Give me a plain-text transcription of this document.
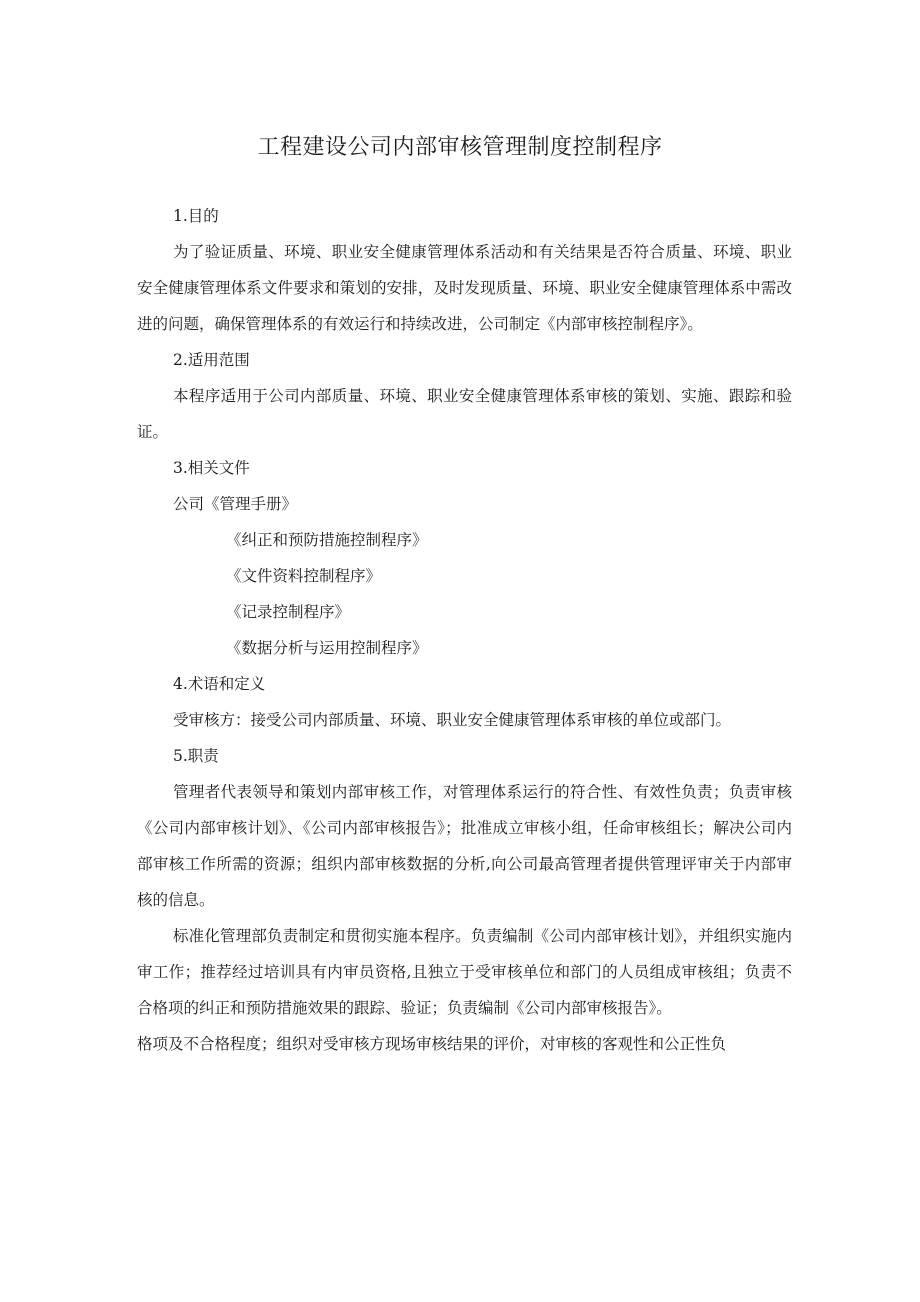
工程建设公司内部审核管理制度控制程序

1.目的

为了验证质量、环境、职业安全健康管理体系活动和有关结果是否符合质量、环境、职业安全健康管理体系文件要求和策划的安排，及时发现质量、环境、职业安全健康管理体系中需改进的问题，确保管理体系的有效运行和持续改进，公司制定《内部审核控制程序》。

2.适用范围

本程序适用于公司内部质量、环境、职业安全健康管理体系审核的策划、实施、跟踪和验证。

3.相关文件

公司《管理手册》

《纠正和预防措施控制程序》

《文件资料控制程序》

《记录控制程序》

《数据分析与运用控制程序》

4.术语和定义

受审核方：接受公司内部质量、环境、职业安全健康管理体系审核的单位或部门。

5.职责

管理者代表领导和策划内部审核工作，对管理体系运行的符合性、有效性负责；负责审核《公司内部审核计划》、《公司内部审核报告》；批准成立审核小组，任命审核组长；解决公司内部审核工作所需的资源；组织内部审核数据的分析,向公司最高管理者提供管理评审关于内部审核的信息。

标准化管理部负责制定和贯彻实施本程序。负责编制《公司内部审核计划》，并组织实施内审工作；推荐经过培训具有内审员资格,且独立于受审核单位和部门的人员组成审核组；负责不合格项的纠正和预防措施效果的跟踪、验证；负责编制《公司内部审核报告》。

格项及不合格程度；组织对受审核方现场审核结果的评价，对审核的客观性和公正性负
